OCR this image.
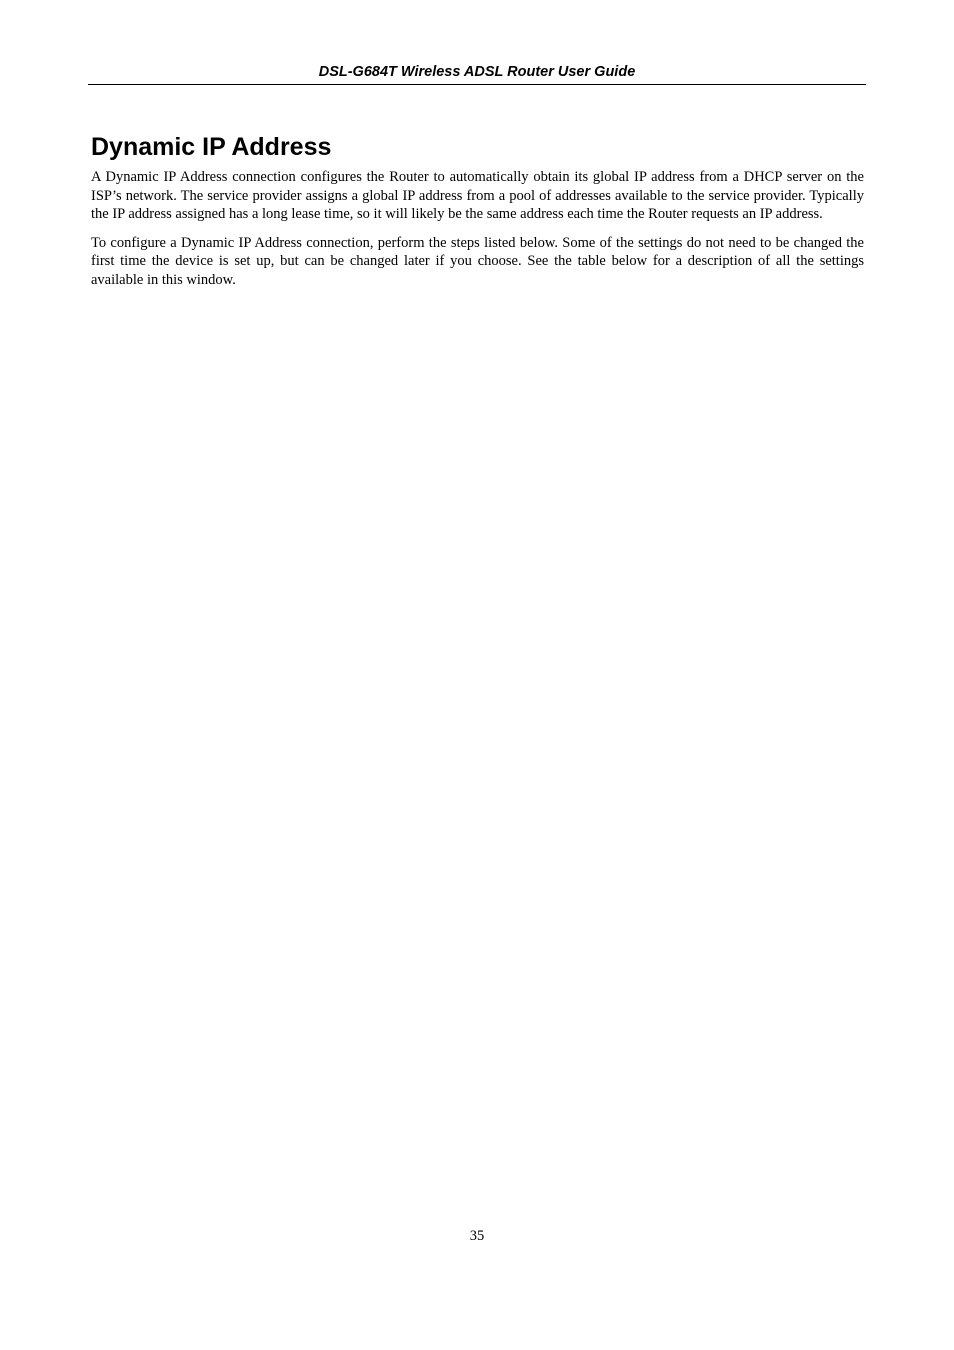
DSL-G684T Wireless ADSL Router User Guide
Dynamic IP Address

A Dynamic IP Address connection configures the Router to automatically obtain its global IP address from a DHCP server on the ISP’s network. The service provider assigns a global IP address from a pool of addresses available to the service provider. Typically the IP address assigned has a long lease time, so it will likely be the same address each time the Router requests an IP address.

To configure a Dynamic IP Address connection, perform the steps listed below. Some of the settings do not need to be changed the first time the device is set up, but can be changed later if you choose. See the table below for a description of all the settings available in this window.

35
